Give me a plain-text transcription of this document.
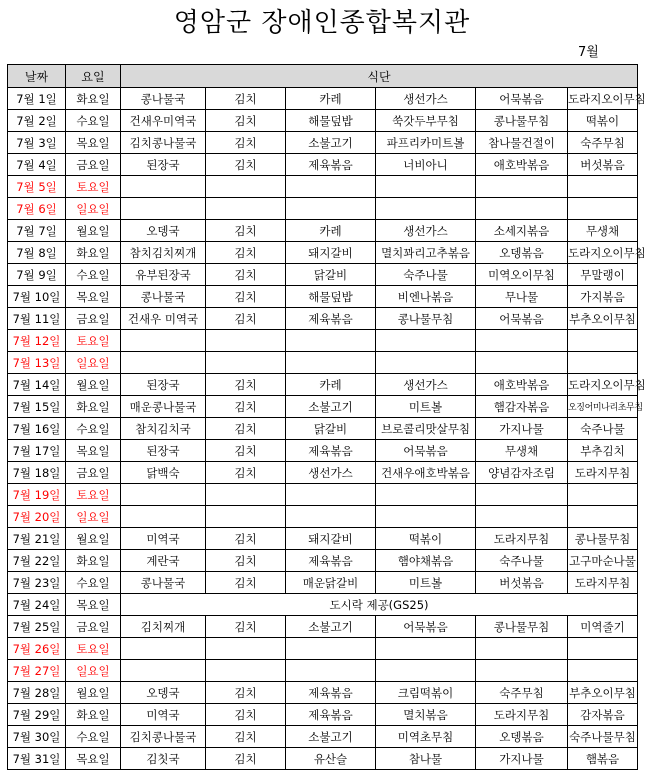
영암군 장애인종합복지관
7월
날짜	요일	식단					
7월 1일	화요일	콩나물국	김치	카레	생선가스	어묵볶음	도라지오이무침
7월 2일	수요일	건새우미역국	김치	해물덮밥	쑥갓두부무침	콩나물무침	떡볶이
7월 3일	목요일	김치콩나물국	김치	소불고기	파프리카미트볼	참나물건절이	숙주무침
7월 4일	금요일	된장국	김치	제육볶음	너비아니	애호박볶음	버섯볶음
7월 5일	토요일						
7월 6일	일요일						
7월 7일	월요일	오뎅국	김치	카레	생선가스	소세지볶음	무생채
7월 8일	화요일	참치김치찌개	김치	돼지갈비	멸치꽈리고추볶음	오뎅볶음	도라지오이무침
7월 9일	수요일	유부된장국	김치	닭갈비	숙주나물	미역오이무침	무말랭이
7월 10일	목요일	콩나물국	김치	해물덮밥	비엔나볶음	무나물	가지볶음
7월 11일	금요일	건새우 미역국	김치	제육볶음	콩나물무침	어묵볶음	부추오이무침
7월 12일	토요일						
7월 13일	일요일						
7월 14일	월요일	된장국	김치	카레	생선가스	애호박볶음	도라지오이무침
7월 15일	화요일	매운콩나물국	김치	소불고기	미트볼	햄감자볶음	오징어미나리초무침
7월 16일	수요일	참치김치국	김치	닭갈비	브로콜리맛살무침	가지나물	숙주나물
7월 17일	목요일	된장국	김치	제육볶음	어묵볶음	무생채	부추김치
7월 18일	금요일	닭백숙	김치	생선가스	건새우애호박볶음	양념감자조림	도라지무침
7월 19일	토요일						
7월 20일	일요일						
7월 21일	월요일	미역국	김치	돼지갈비	떡볶이	도라지무침	콩나물무침
7월 22일	화요일	계란국	김치	제육볶음	햄야채볶음	숙주나물	고구마순나물
7월 23일	수요일	콩나물국	김치	매운닭갈비	미트볼	버섯볶음	도라지무침
7월 24일	목요일	도시락 제공(GS25)					
7월 25일	금요일	김치찌개	김치	소불고기	어묵볶음	콩나물무침	미역줄기
7월 26일	토요일						
7월 27일	일요일						
7월 28일	월요일	오뎅국	김치	제육볶음	크림떡볶이	숙주무침	부추오이무침
7월 29일	화요일	미역국	김치	제육볶음	멸치볶음	도라지무침	감자볶음
7월 30일	수요일	김치콩나물국	김치	소불고기	미역초무침	오뎅볶음	숙주나물무침
7월 31일	목요일	김칫국	김치	유산슬	참나물	가지나물	햄볶음
